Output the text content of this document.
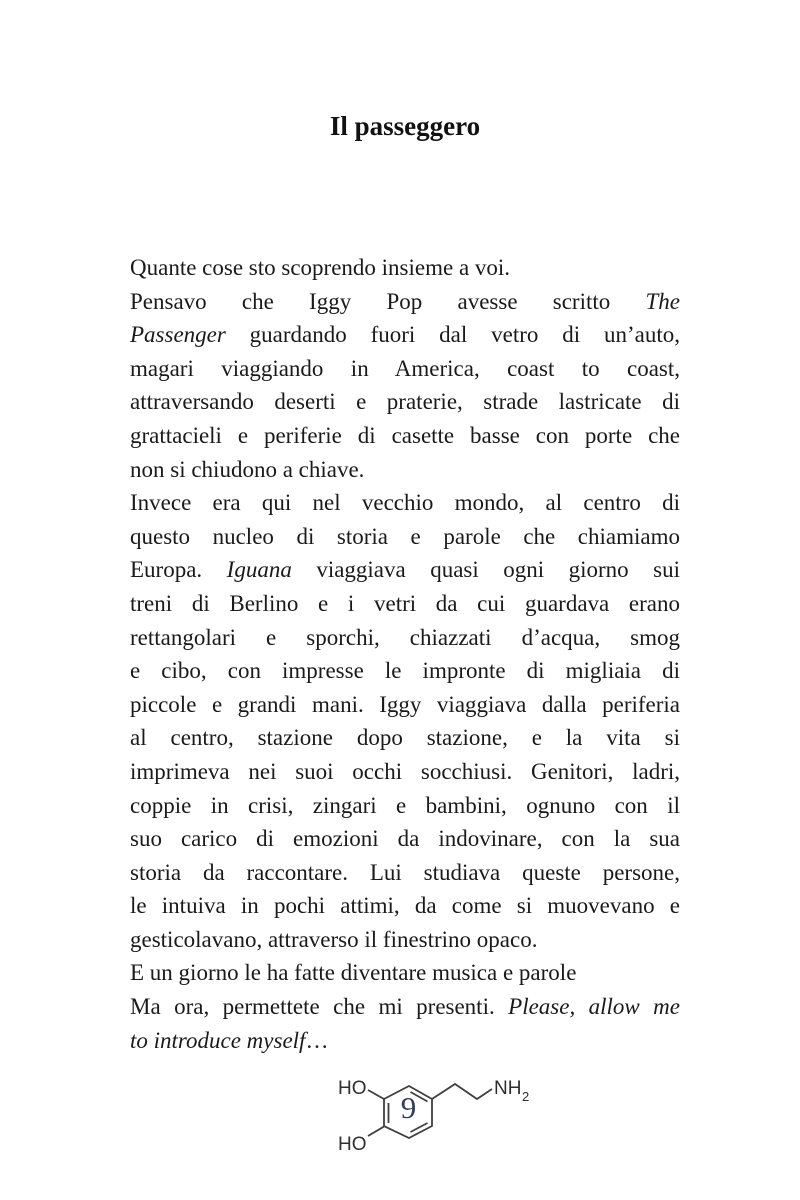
Il passeggero
Quante cose sto scoprendo insieme a voi.
Pensavo che Iggy Pop avesse scritto The
Passenger guardando fuori dal vetro di un’auto,
magari viaggiando in America, coast to coast,
attraversando deserti e praterie, strade lastricate di
grattacieli e periferie di casette basse con porte che
non si chiudono a chiave.
Invece era qui nel vecchio mondo, al centro di
questo nucleo di storia e parole che chiamiamo
Europa. Iguana viaggiava quasi ogni giorno sui
treni di Berlino e i vetri da cui guardava erano
rettangolari e sporchi, chiazzati d’acqua, smog
e cibo, con impresse le impronte di migliaia di
piccole e grandi mani. Iggy viaggiava dalla periferia
al centro, stazione dopo stazione, e la vita si
imprimeva nei suoi occhi socchiusi. Genitori, ladri,
coppie in crisi, zingari e bambini, ognuno con il
suo carico di emozioni da indovinare, con la sua
storia da raccontare. Lui studiava queste persone,
le intuiva in pochi attimi, da come si muovevano e
gesticolavano, attraverso il finestrino opaco.
E un giorno le ha fatte diventare musica e parole
Ma ora, permettete che mi presenti. Please, allow me
to introduce myself…
HO
HO
NH 2
9
